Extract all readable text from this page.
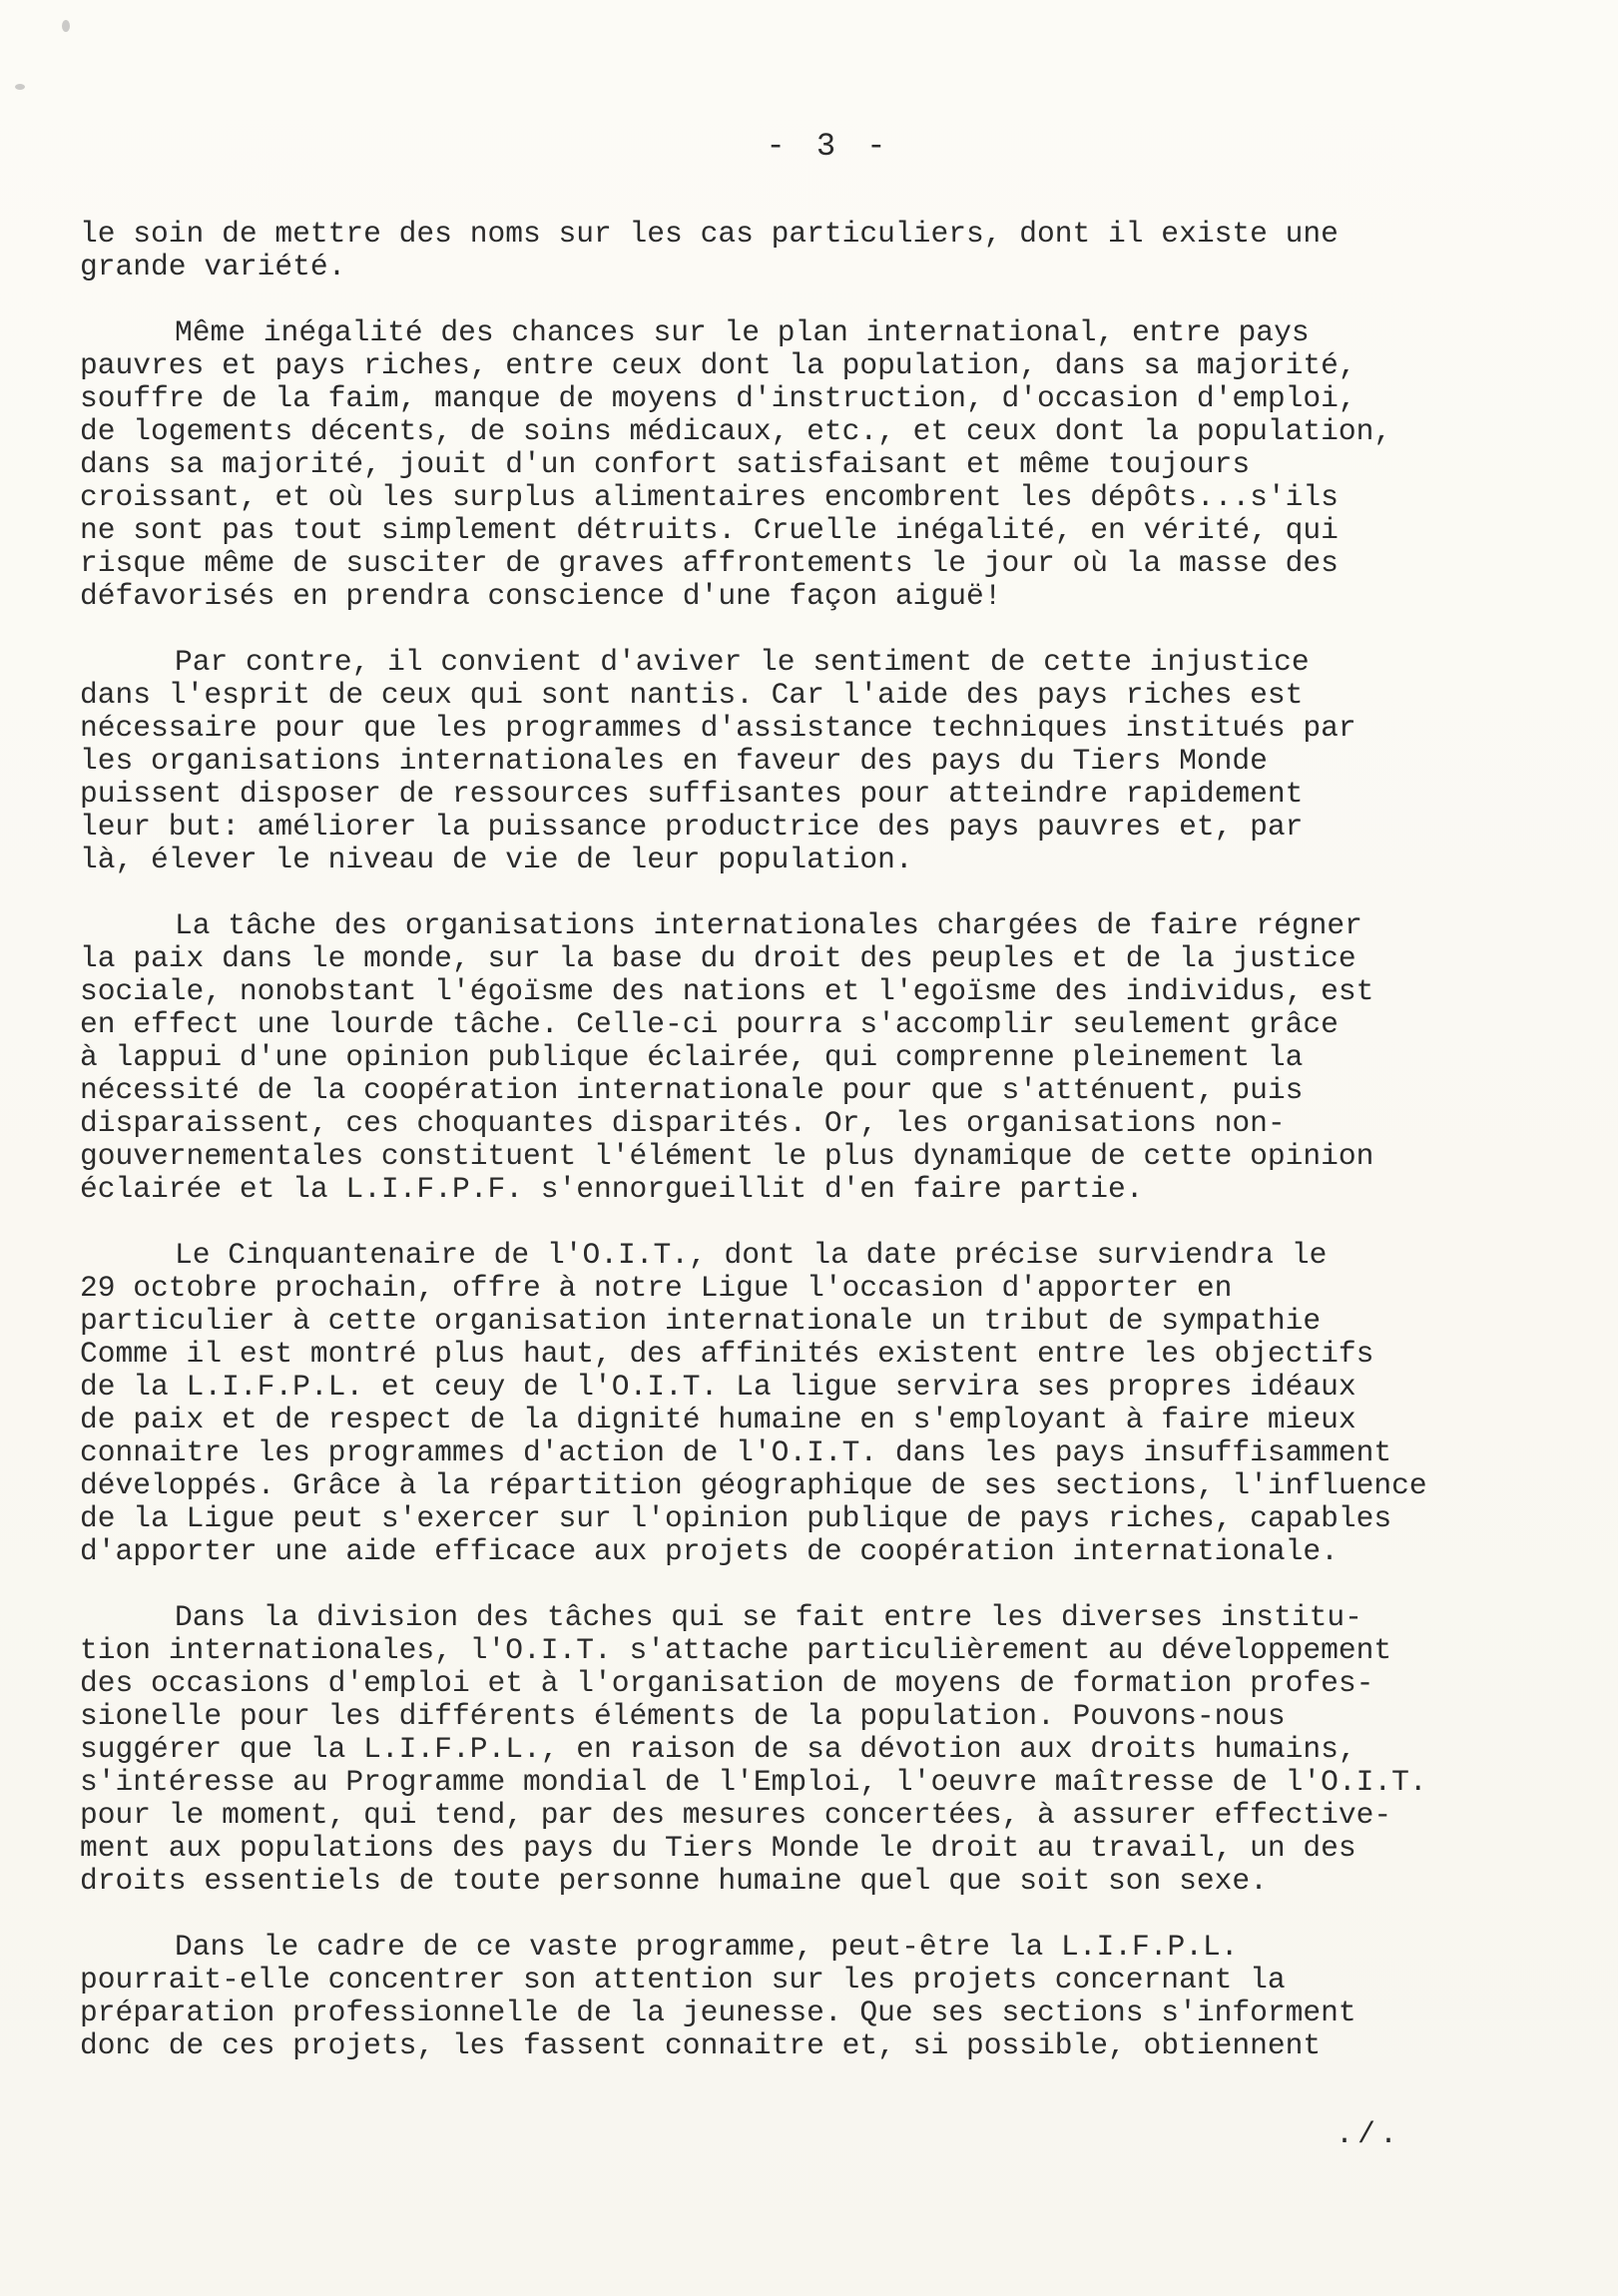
- 3 -
le soin de mettre des noms sur les cas particuliers, dont il existe une
grande variété.
Même inégalité des chances sur le plan international, entre pays
pauvres et pays riches, entre ceux dont la population, dans sa majorité,
souffre de la faim, manque de moyens d'instruction, d'occasion d'emploi,
de logements décents, de soins médicaux, etc., et ceux dont la population,
dans sa majorité, jouit d'un confort satisfaisant et même toujours
croissant, et où les surplus alimentaires encombrent les dépôts...s'ils
ne sont pas tout simplement détruits. Cruelle inégalité, en vérité, qui
risque même de susciter de graves affrontements le jour où la masse des
défavorisés en prendra conscience d'une façon aiguë!
Par contre, il convient d'aviver le sentiment de cette injustice
dans l'esprit de ceux qui sont nantis. Car l'aide des pays riches est
nécessaire pour que les programmes d'assistance techniques institués par
les organisations internationales en faveur des pays du Tiers Monde
puissent disposer de ressources suffisantes pour atteindre rapidement
leur but: améliorer la puissance productrice des pays pauvres et, par
là, élever le niveau de vie de leur population.
La tâche des organisations internationales chargées de faire régner
la paix dans le monde, sur la base du droit des peuples et de la justice
sociale, nonobstant l'égoïsme des nations et l'egoïsme des individus, est
en effect une lourde tâche. Celle-ci pourra s'accomplir seulement grâce
à lappui d'une opinion publique éclairée, qui comprenne pleinement la
nécessité de la coopération internationale pour que s'atténuent, puis
disparaissent, ces choquantes disparités. Or, les organisations non-
gouvernementales constituent l'élément le plus dynamique de cette opinion
éclairée et la L.I.F.P.F. s'ennorgueillit d'en faire partie.
Le Cinquantenaire de l'O.I.T., dont la date précise surviendra le
29 octobre prochain, offre à notre Ligue l'occasion d'apporter en
particulier à cette organisation internationale un tribut de sympathie
Comme il est montré plus haut, des affinités existent entre les objectifs
de la L.I.F.P.L. et ceuy de l'O.I.T. La ligue servira ses propres idéaux
de paix et de respect de la dignité humaine en s'employant à faire mieux
connaitre les programmes d'action de l'O.I.T. dans les pays insuffisamment
développés. Grâce à la répartition géographique de ses sections, l'influence
de la Ligue peut s'exercer sur l'opinion publique de pays riches, capables
d'apporter une aide efficace aux projets de coopération internationale.
Dans la division des tâches qui se fait entre les diverses institu-
tion internationales, l'O.I.T. s'attache particulièrement au développement
des occasions d'emploi et à l'organisation de moyens de formation profes-
sionelle pour les différents éléments de la population. Pouvons-nous
suggérer que la L.I.F.P.L., en raison de sa dévotion aux droits humains,
s'intéresse au Programme mondial de l'Emploi, l'oeuvre maîtresse de l'O.I.T.
pour le moment, qui tend, par des mesures concertées, à assurer effective-
ment aux populations des pays du Tiers Monde le droit au travail, un des
droits essentiels de toute personne humaine quel que soit son sexe.
Dans le cadre de ce vaste programme, peut-être la L.I.F.P.L.
pourrait-elle concentrer son attention sur les projets concernant la
préparation professionnelle de la jeunesse. Que ses sections s'informent
donc de ces projets, les fassent connaitre et, si possible, obtiennent
./.
